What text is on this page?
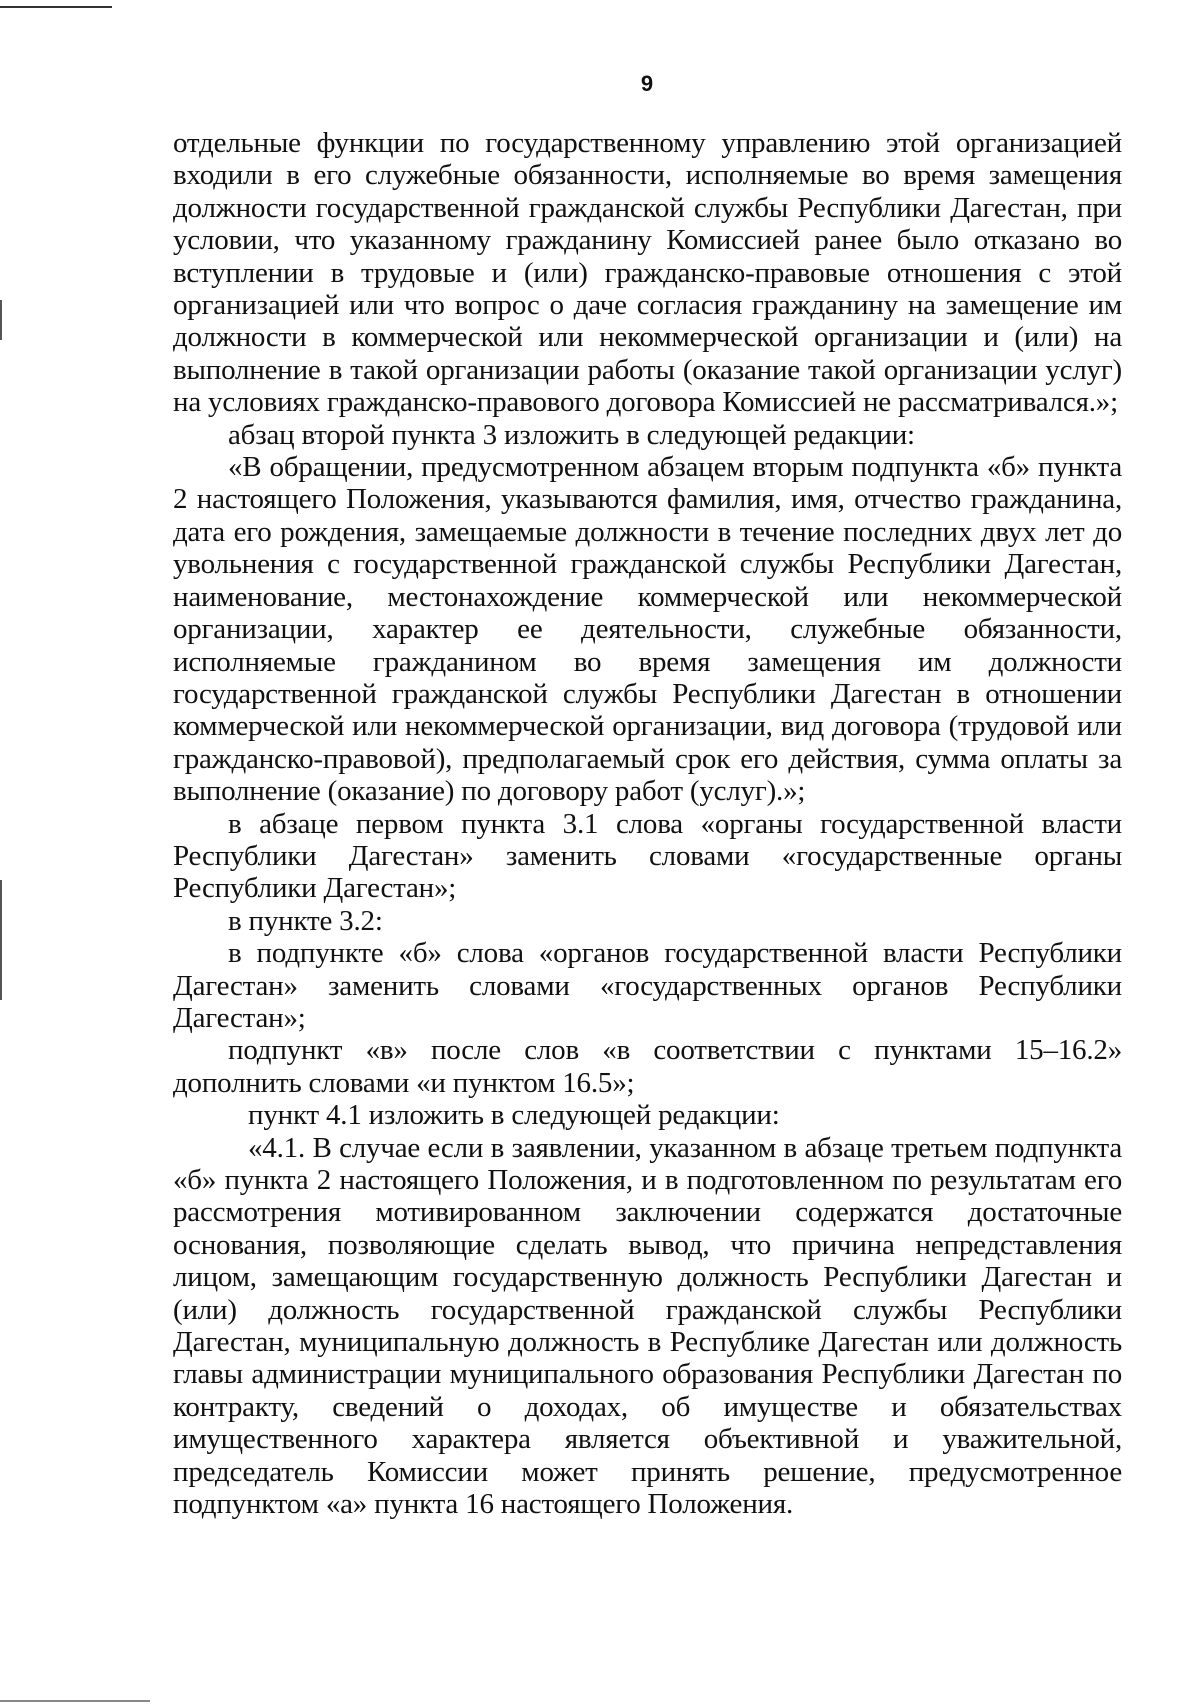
9

отдельные функции по государственному управлению этой организацией входили в его служебные обязанности, исполняемые во время замещения должности государственной гражданской службы Республики Дагестан, при условии, что указанному гражданину Комиссией ранее было отказано во вступлении в трудовые и (или) гражданско-правовые отношения с этой организацией или что вопрос о даче согласия гражданину на замещение им должности в коммерческой или некоммерческой организации и (или) на выполнение в такой организации работы (оказание такой организации услуг) на условиях гражданско-правового договора Комиссией не рассматривался.»;

абзац второй пункта 3 изложить в следующей редакции:

«В обращении, предусмотренном абзацем вторым подпункта «б» пункта 2 настоящего Положения, указываются фамилия, имя, отчество гражданина, дата его рождения, замещаемые должности в течение последних двух лет до увольнения с государственной гражданской службы Республики Дагестан, наименование, местонахождение коммерческой или некоммерческой организации, характер ее деятельности, служебные обязанности, исполняемые гражданином во время замещения им должности государственной гражданской службы Республики Дагестан в отношении коммерческой или некоммерческой организации, вид договора (трудовой или гражданско-правовой), предполагаемый срок его действия, сумма оплаты за выполнение (оказание) по договору работ (услуг).»;

в абзаце первом пункта 3.1 слова «органы государственной власти Республики Дагестан» заменить словами «государственные органы Республики Дагестан»;

в пункте 3.2:

в подпункте «б» слова «органов государственной власти Республики Дагестан» заменить словами «государственных органов Республики Дагестан»;

подпункт «в» после слов «в соответствии с пунктами 15–16.2» дополнить словами «и пунктом 16.5»;

пункт 4.1 изложить в следующей редакции:

«4.1. В случае если в заявлении, указанном в абзаце третьем подпункта «б» пункта 2 настоящего Положения, и в подготовленном по результатам его рассмотрения мотивированном заключении содержатся достаточные основания, позволяющие сделать вывод, что причина непредставления лицом, замещающим государственную должность Республики Дагестан и (или) должность государственной гражданской службы Республики Дагестан, муниципальную должность в Республике Дагестан или должность главы администрации муниципального образования Республики Дагестан по контракту, сведений о доходах, об имуществе и обязательствах имущественного характера является объективной и уважительной, председатель Комиссии может принять решение, предусмотренное подпунктом «а» пункта 16 настоящего Положения.
